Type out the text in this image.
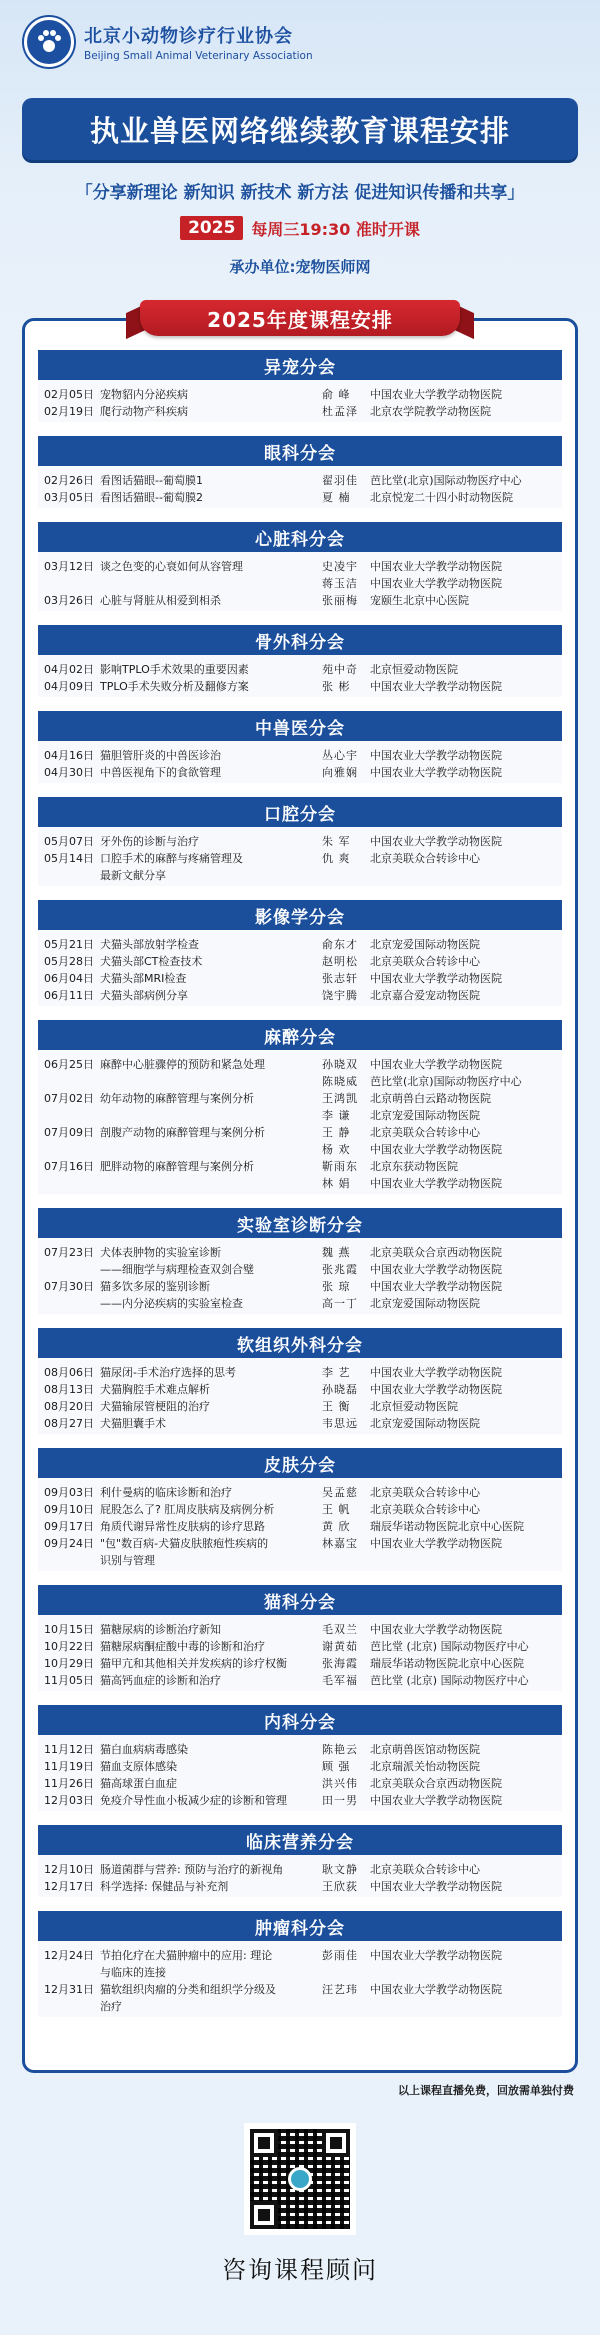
北京小动物诊疗行业协会
Beijing Small Animal Veterinary Association
执业兽医网络继续教育课程安排
「分享新理论 新知识 新技术 新方法 促进知识传播和共享」
2025	每周三19:30 准时开课
承办单位:宠物医师网
2025年度课程安排
异宠分会
02月05日 宠物貂内分泌疾病	俞 峰	中国农业大学教学动物医院
02月19日 爬行动物产科疾病	杜孟泽	北京农学院教学动物医院
眼科分会
02月26日 看图话猫眼--葡萄膜1	翟羽佳	芭比堂(北京)国际动物医疗中心
03月05日 看图话猫眼--葡萄膜2	夏 楠	北京悦宠二十四小时动物医院
心脏科分会
03月12日 谈之色变的心衰如何从容管理	史凌宇	中国农业大学教学动物医院
蒋玉洁	中国农业大学教学动物医院
03月26日 心脏与肾脏从相爱到相杀	张丽梅	宠颐生北京中心医院
骨外科分会
04月02日 影响TPLO手术效果的重要因素	苑中奇	北京恒爱动物医院
04月09日 TPLO手术失败分析及翻修方案	张 彬	中国农业大学教学动物医院
中兽医分会
04月16日 猫胆管肝炎的中兽医诊治	丛心宇	中国农业大学教学动物医院
04月30日 中兽医视角下的食欲管理	向雅娴	中国农业大学教学动物医院
口腔分会
05月07日 牙外伤的诊断与治疗	朱 军	中国农业大学教学动物医院
05月14日 口腔手术的麻醉与疼痛管理及	仇 爽	北京美联众合转诊中心
最新文献分享
影像学分会
05月21日 犬猫头部放射学检查	俞东才	北京宠爱国际动物医院
05月28日 犬猫头部CT检查技术	赵明松	北京美联众合转诊中心
06月04日 犬猫头部MRI检查	张志轩	中国农业大学教学动物医院
06月11日 犬猫头部病例分享	饶宇腾	北京嘉合爱宠动物医院
麻醉分会
06月25日 麻醉中心脏骤停的预防和紧急处理	孙晓双	中国农业大学教学动物医院
陈晓威	芭比堂(北京)国际动物医疗中心
07月02日 幼年动物的麻醉管理与案例分析	王鸿凯	北京萌兽白云路动物医院
李 谦	北京宠爱国际动物医院
07月09日 剖腹产动物的麻醉管理与案例分析	王 静	北京美联众合转诊中心
杨 欢	中国农业大学教学动物医院
07月16日 肥胖动物的麻醉管理与案例分析	靳雨东	北京东获动物医院
林 娟	中国农业大学教学动物医院
实验室诊断分会
07月23日 犬体表肿物的实验室诊断	魏 燕	北京美联众合京西动物医院
——细胞学与病理检查双剑合璧	张兆霞	中国农业大学教学动物医院
07月30日 猫多饮多尿的鉴别诊断	张 琼	中国农业大学教学动物医院
——内分泌疾病的实验室检查	高一丁	北京宠爱国际动物医院
软组织外科分会
08月06日 猫尿闭-手术治疗选择的思考	李 艺	中国农业大学教学动物医院
08月13日 犬猫胸腔手术难点解析	孙晓磊	中国农业大学教学动物医院
08月20日 犬猫输尿管梗阻的治疗	王 衡	北京恒爱动物医院
08月27日 犬猫胆囊手术	韦思远	北京宠爱国际动物医院
皮肤分会
09月03日 利什曼病的临床诊断和治疗	吴孟慈	北京美联众合转诊中心
09月10日 屁股怎么了? 肛周皮肤病及病例分析	王 帆	北京美联众合转诊中心
09月17日 角质代谢异常性皮肤病的诊疗思路	黄 欣	瑞辰华诺动物医院北京中心医院
09月24日 "包"数百病-犬猫皮肤脓疱性疾病的	林嘉宝	中国农业大学教学动物医院
识别与管理
猫科分会
10月15日 猫糖尿病的诊断治疗新知	毛双兰	中国农业大学教学动物医院
10月22日 猫糖尿病酮症酸中毒的诊断和治疗	谢黄茹	芭比堂 (北京) 国际动物医疗中心
10月29日 猫甲亢和其他相关并发疾病的诊疗权衡	张海霞	瑞辰华诺动物医院北京中心医院
11月05日 猫高钙血症的诊断和治疗	毛军福	芭比堂 (北京) 国际动物医疗中心
内科分会
11月12日 猫白血病病毒感染	陈艳云	北京萌兽医馆动物医院
11月19日 猫血支原体感染	顾 强	北京瑞派关怡动物医院
11月26日 猫高球蛋白血症	洪兴伟	北京美联众合京西动物医院
12月03日 免疫介导性血小板减少症的诊断和管理	田一男	中国农业大学教学动物医院
临床营养分会
12月10日 肠道菌群与营养: 预防与治疗的新视角	耿文静	北京美联众合转诊中心
12月17日 科学选择: 保健品与补充剂	王欣荻	中国农业大学教学动物医院
肿瘤科分会
12月24日 节拍化疗在犬猫肿瘤中的应用: 理论	彭雨佳	中国农业大学教学动物医院
与临床的连接
12月31日 猫软组织肉瘤的分类和组织学分级及	汪艺玮	中国农业大学教学动物医院
治疗
以上课程直播免费，回放需单独付费
咨询课程顾问
